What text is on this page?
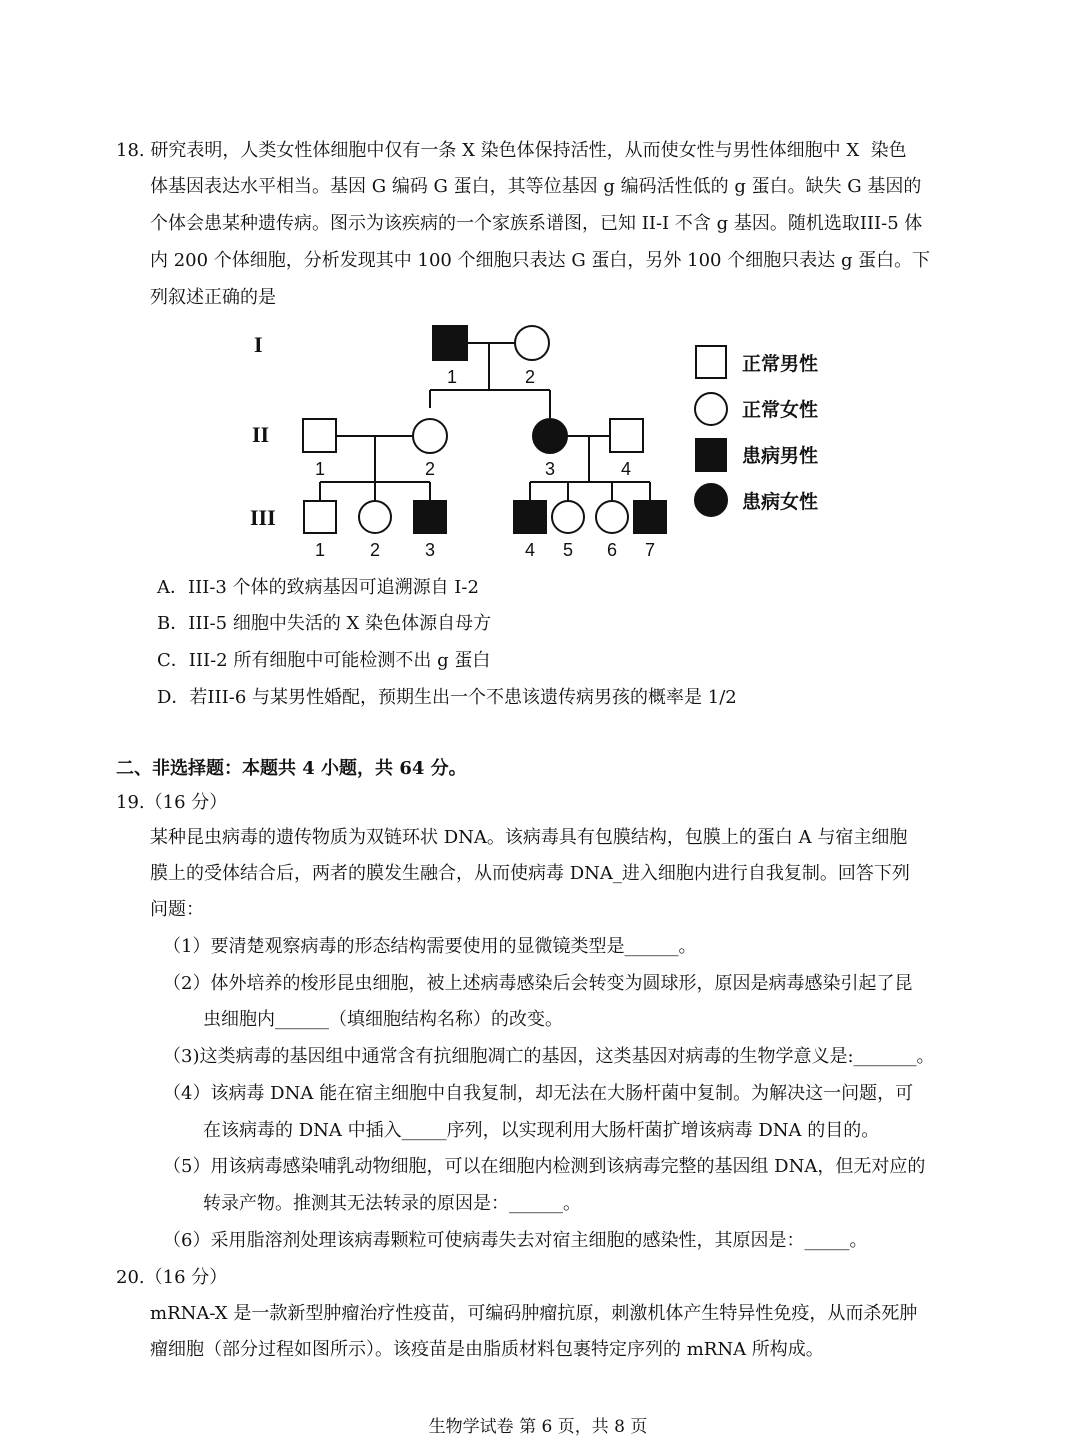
18. 研究表明，人类女性体细胞中仅有一条 X 染色体保持活性，从而使女性与男性体细胞中 X  染色
体基因表达水平相当。基因 G 编码 G 蛋白，其等位基因 g 编码活性低的 g 蛋白。缺失 G 基因的
个体会患某种遗传病。图示为该疾病的一个家族系谱图，已知 II-I 不含 g 基因。随机选取III-5 体
内 200 个体细胞，分析发现其中 100 个细胞只表达 G 蛋白，另外 100 个细胞只表达 g 蛋白。下
列叙述正确的是
I
II
III
1	2
1	2	3	4
1 2 3	4 5 6 7
正常男性
正常女性
患病男性
患病女性
A．III-3 个体的致病基因可追溯源自 I-2
B．III-5 细胞中失活的 X 染色体源自母方
C．III-2 所有细胞中可能检测不出 g 蛋白
D．若III-6 与某男性婚配，预期生出一个不患该遗传病男孩的概率是 1/2
二、非选择题：本题共 4 小题，共 64 分。
19.（16 分）
某种昆虫病毒的遗传物质为双链环状 DNA。该病毒具有包膜结构，包膜上的蛋白 A 与宿主细胞
膜上的受体结合后，两者的膜发生融合，从而使病毒 DNA_进入细胞内进行自我复制。回答下列
问题：
（1）要清楚观察病毒的形态结构需要使用的显微镜类型是______。
（2）体外培养的梭形昆虫细胞，被上述病毒感染后会转变为圆球形，原因是病毒感染引起了昆
虫细胞内______（填细胞结构名称）的改变。
（3)这类病毒的基因组中通常含有抗细胞凋亡的基因，这类基因对病毒的生物学意义是:_______。
（4）该病毒 DNA 能在宿主细胞中自我复制，却无法在大肠杆菌中复制。为解决这一问题，可
在该病毒的 DNA 中插入_____序列，以实现利用大肠杆菌扩增该病毒 DNA 的目的。
（5）用该病毒感染哺乳动物细胞，可以在细胞内检测到该病毒完整的基因组 DNA，但无对应的
转录产物。推测其无法转录的原因是：______。
（6）采用脂溶剂处理该病毒颗粒可使病毒失去对宿主细胞的感染性，其原因是：_____。
20.（16 分）
mRNA-X 是一款新型肿瘤治疗性疫苗，可编码肿瘤抗原，刺激机体产生特异性免疫，从而杀死肿
瘤细胞（部分过程如图所示）。该疫苗是由脂质材料包裹特定序列的 mRNA 所构成。
生物学试卷 第 6 页，共 8 页
